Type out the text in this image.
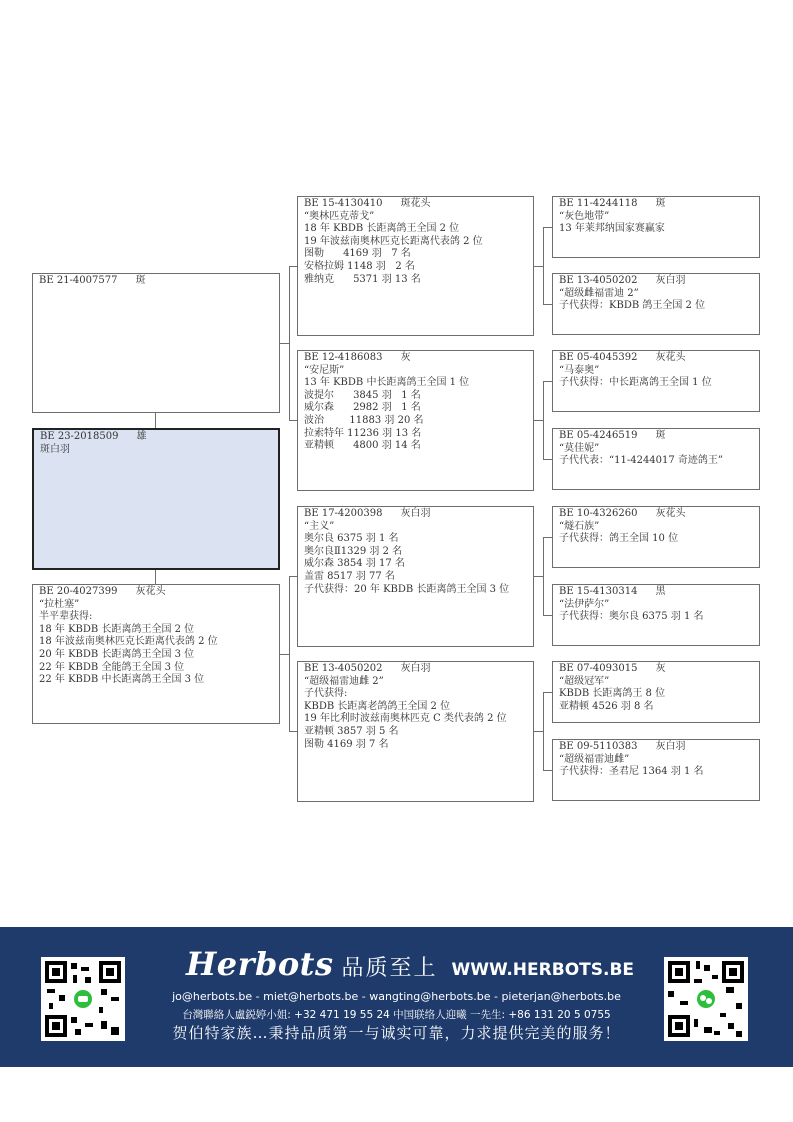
BE 23-2018509 雄
斑白羽
BE 21-4007577 斑
BE 20-4027399 灰花头
“拉杜塞”
半平辈获得:
18 年 KBDB 长距离鸽王全国 2 位
18 年波兹南奥林匹克长距离代表鸽 2 位
20 年 KBDB 长距离鸽王全国 3 位
22 年 KBDB 全能鸽王全国 3 位
22 年 KBDB 中长距离鸽王全国 3 位
BE 15-4130410 斑花头
“奥林匹克蒂戈”
18 年 KBDB 长距离鸽王全国 2 位
19 年波兹南奥林匹克长距离代表鸽 2 位
图勒      4169 羽   7 名
安格拉姆 1148 羽   2 名
雅纳克      5371 羽 13 名
BE 12-4186083 灰
“安尼斯”
13 年 KBDB 中长距离鸽王全国 1 位
波提尔      3845 羽   1 名
威尔森      2982 羽   1 名
波治        11883 羽 20 名
拉索特年 11236 羽 13 名
亚精顿      4800 羽 14 名
BE 17-4200398 灰白羽
“主义”
奥尔良 6375 羽 1 名
奥尔良Ⅱ1329 羽 2 名
威尔森 3854 羽 17 名
盖雷 8517 羽 77 名
子代获得：20 年 KBDB 长距离鸽王全国 3 位
BE 13-4050202 灰白羽
“超级福雷迪雌 2”
子代获得:
KBDB 长距离老鸽鸽王全国 2 位
19 年比利时波兹南奥林匹克 C 类代表鸽 2 位
亚精顿 3857 羽 5 名
图勒 4169 羽 7 名
BE 11-4244118 斑
“灰色地带”
13 年莱邦纳国家赛赢家
BE 13-4050202 灰白羽
“超级雌福雷迪 2”
子代获得：KBDB 鸽王全国 2 位
BE 05-4045392 灰花头
“马泰奥”
子代获得：中长距离鸽王全国 1 位
BE 05-4246519 斑
“莫佳妮”
子代代表：“11-4244017 奇迹鸽王”
BE 10-4326260 灰花头
“燧石族”
子代获得：鸽王全国 10 位
BE 15-4130314 黑
“法伊萨尔”
子代获得：奥尔良 6375 羽 1 名
BE 07-4093015 灰
“超级冠军”
KBDB 长距离鸽王 8 位
亚精顿 4526 羽 8 名
BE 09-5110383 灰白羽
“超级福雷迪雌”
子代获得：圣君尼 1364 羽 1 名
Herbots 品质至上 WWW.HERBOTS.BE
jo@herbots.be - miet@herbots.be - wangting@herbots.be - pieterjan@herbots.be
台灣聯絡人盧鋭婷小姐: +32 471 19 55 24 中国联络人迎曦 一先生: +86 131 20 5 0755
贺伯特家族…秉持品质第一与诚实可靠，力求提供完美的服务！
